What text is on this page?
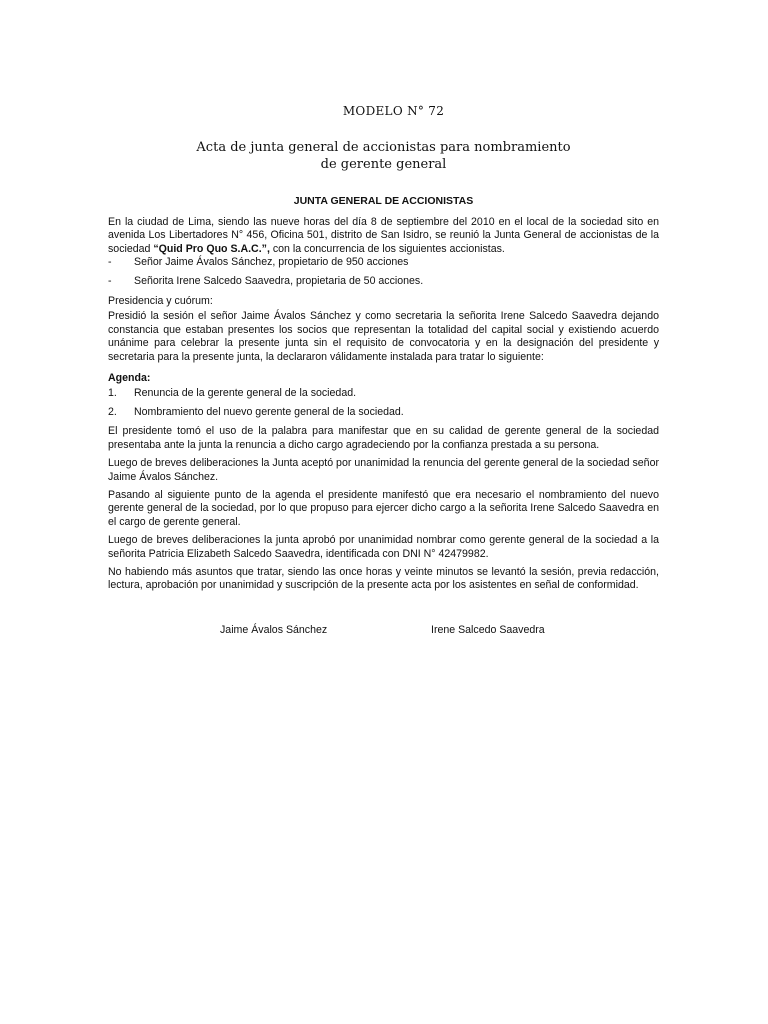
MODELO N° 72
Acta de junta general de accionistas para nombramiento
de gerente general
JUNTA GENERAL DE ACCIONISTAS

En la ciudad de Lima, siendo las nueve horas del día 8 de septiembre del 2010 en el local de la sociedad sito en avenida Los Libertadores N° 456, Oficina 501, distrito de San Isidro, se reunió la Junta General de accionistas de la sociedad “Quid Pro Quo S.A.C.”, con la concurrencia de los siguientes accionistas.

-	Señor Jaime Ávalos Sánchez, propietario de 950 acciones
-	Señorita Irene Salcedo Saavedra, propietaria de 50 acciones.

Presidencia y cuórum:

Presidió la sesión el señor Jaime Ávalos Sánchez y como secretaria la señorita Irene Salcedo Saavedra dejando constancia que estaban presentes los socios que representan la totalidad del capital social y existiendo acuerdo unánime para celebrar la presente junta sin el requisito de convocatoria y en la designación del presidente y secretaria para la presente junta, la declararon válidamente instalada para tratar lo siguiente:

Agenda:

1.	Renuncia de la gerente general de la sociedad.
2.	Nombramiento del nuevo gerente general de la sociedad.

El presidente tomó el uso de la palabra para manifestar que en su calidad de gerente general de la sociedad presentaba ante la junta la renuncia a dicho cargo agradeciendo por la confianza prestada a su persona.

Luego de breves deliberaciones la Junta aceptó por unanimidad la renuncia del gerente general de la sociedad señor Jaime Ávalos Sánchez.

Pasando al siguiente punto de la agenda el presidente manifestó que era necesario el nombramiento del nuevo gerente general de la sociedad, por lo que propuso para ejercer dicho cargo a la señorita Irene Salcedo Saavedra en el cargo de gerente general.

Luego de breves deliberaciones la junta aprobó por unanimidad nombrar como gerente general de la sociedad a la señorita Patricia Elizabeth Salcedo Saavedra, identificada con DNI N° 42479982.

No habiendo más asuntos que tratar, siendo las once horas y veinte minutos se levantó la sesión, previa redacción, lectura, aprobación por unanimidad y suscripción de la presente acta por los asistentes en señal de conformidad.

Jaime Ávalos Sánchez	Irene Salcedo Saavedra
